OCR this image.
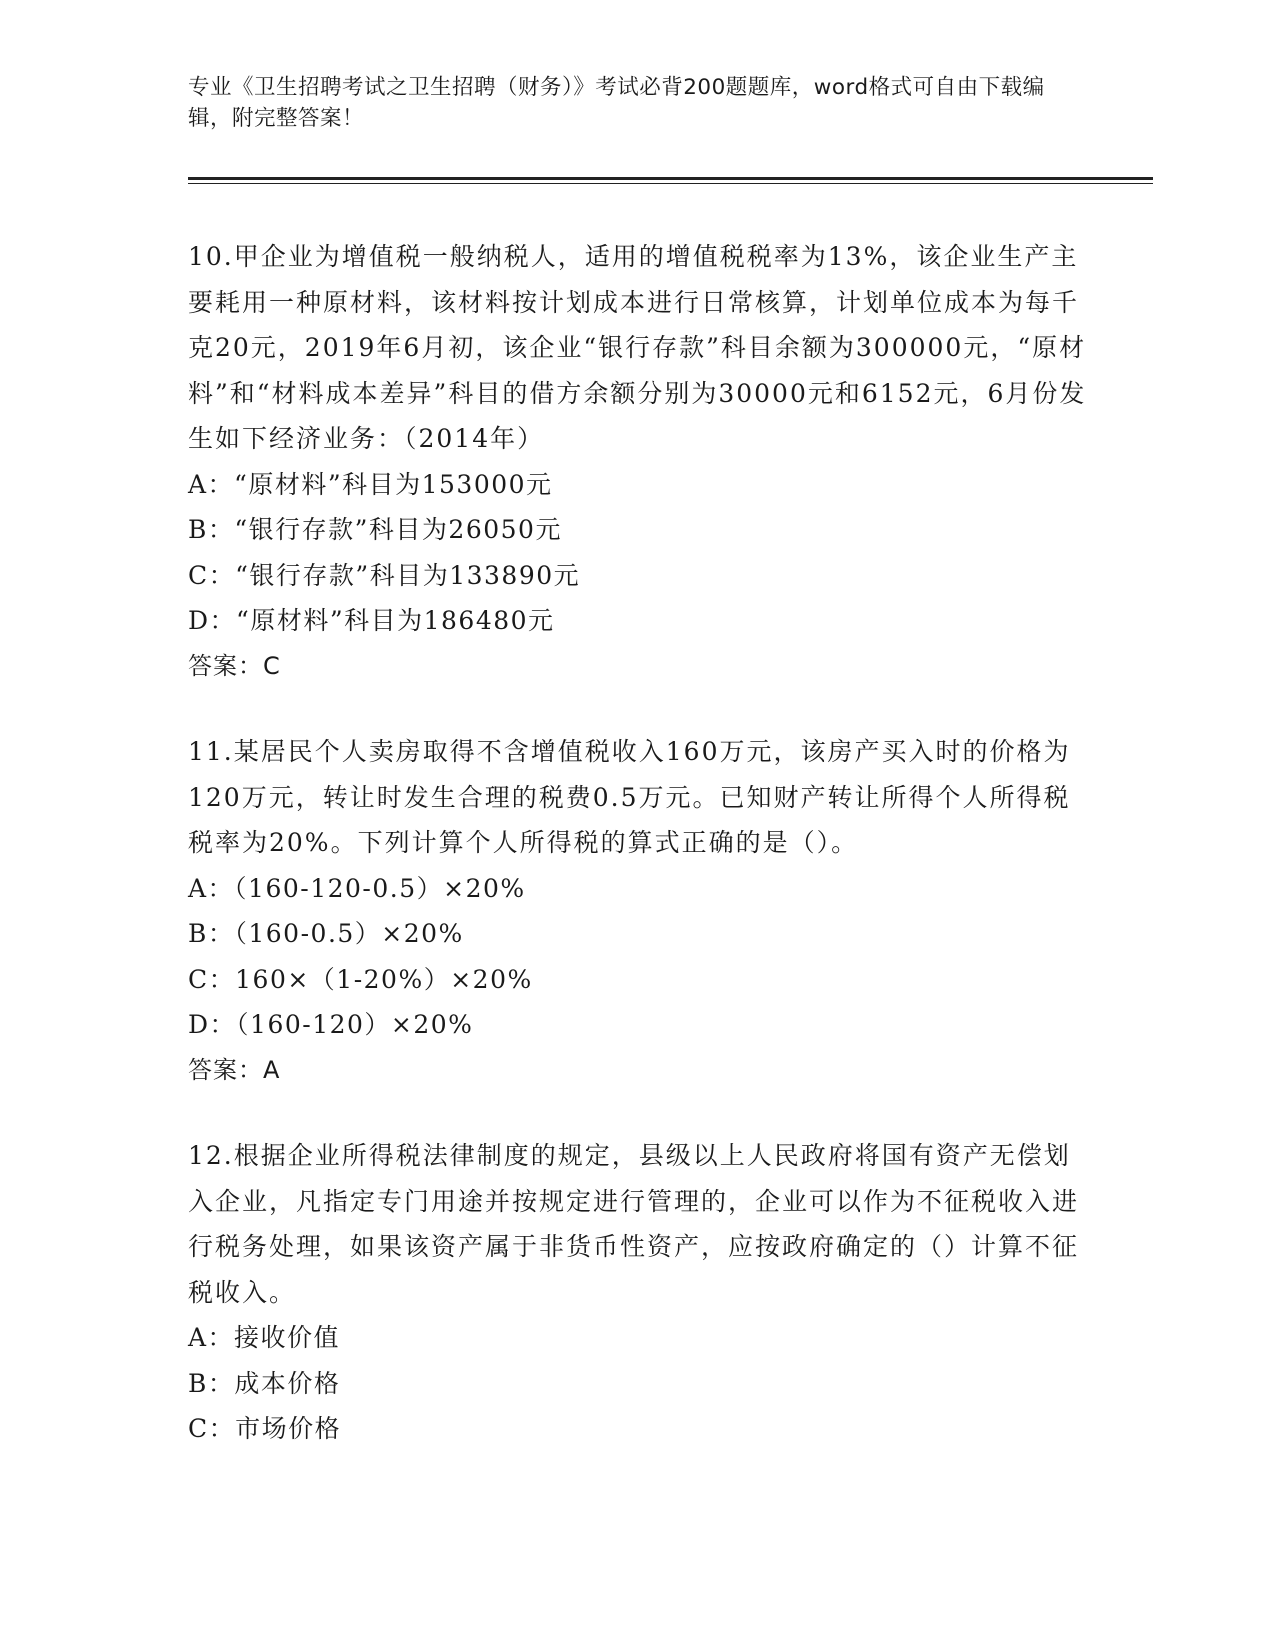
专业《卫生招聘考试之卫生招聘（财务）》考试必背200题题库，word格式可自由下载编辑，附完整答案！

10.甲企业为增值税一般纳税人，适用的增值税税率为13%，该企业生产主要耗用一种原材料，该材料按计划成本进行日常核算，计划单位成本为每千克20元，2019年6月初，该企业“银行存款”科目余额为300000元，“原材料”和“材料成本差异”科目的借方余额分别为30000元和6152元，6月份发生如下经济业务：（2014年）

A：“原材料”科目为153000元

B：“银行存款”科目为26050元

C：“银行存款”科目为133890元

D：“原材料”科目为186480元

答案：C

11.某居民个人卖房取得不含增值税收入160万元，该房产买入时的价格为120万元，转让时发生合理的税费0.5万元。已知财产转让所得个人所得税税率为20%。下列计算个人所得税的算式正确的是（）。

A：（160-120-0.5）×20%

B：（160-0.5）×20%

C：160×（1-20%）×20%

D：（160-120）×20%

答案：A

12.根据企业所得税法律制度的规定，县级以上人民政府将国有资产无偿划入企业，凡指定专门用途并按规定进行管理的，企业可以作为不征税收入进行税务处理，如果该资产属于非货币性资产，应按政府确定的（）计算不征税收入。

A：接收价值

B：成本价格

C：市场价格
